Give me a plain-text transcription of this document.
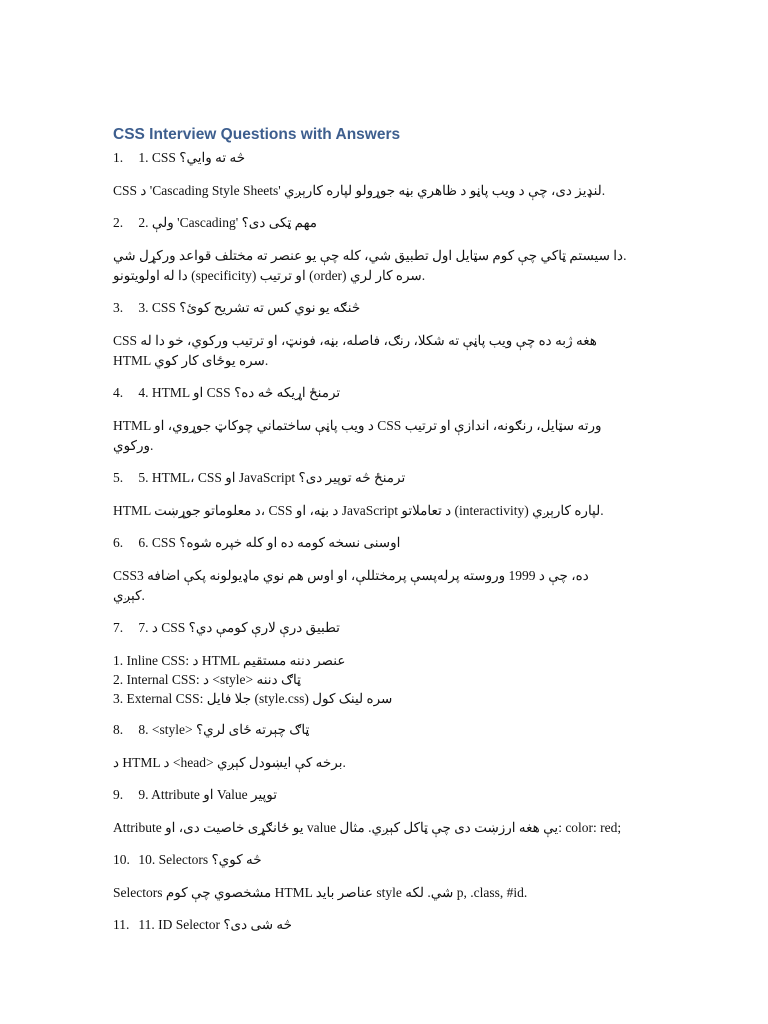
CSS Interview Questions with Answers
1. 1. CSS څه ته وايي؟
CSS د 'Cascading Style Sheets' لنډيز دی، چې د ويب پاڼو د ظاهري بڼه جوړولو لپاره کارېږي.
2. 2. ولې 'Cascading' مهم ټکی دی؟
دا سيستم ټاکي چې کوم سټايل اول تطبيق شي، کله چې يو عنصر ته مختلف قواعد ورکړل شي.
دا له اولويتونو (specificity) او ترتيب (order) سره کار لري.
3. 3. CSS څنګه يو نوي کس ته تشريح کوئ؟
CSS هغه ژبه ده چې ويب پاڼې ته شکلا، رنګ، فاصله، بڼه، فونټ، او ترتيب ورکوي، خو دا له
HTML سره يوځای کار کوي.
4. 4. HTML او CSS ترمنځ اړيکه څه ده؟
HTML د ويب پاڼې ساختماني چوکاټ جوړوي، او CSS ورته سټايل، رنګونه، اندازې او ترتيب
ورکوي.
5. 5. HTML، CSS او JavaScript ترمنځ څه توپير دی؟
HTML د معلوماتو جوړښت، CSS د بڼه، او JavaScript د تعاملاتو (interactivity) لپاره کارېږي.
6. 6. CSS اوسنی نسخه کومه ده او کله خپره شوه؟
CSS3 ده، چې د 1999 وروسته پرله‌پسې پرمختللې، او اوس هم نوي ماډيولونه پکې اضافه
کېږي.
7. 7. د CSS تطبيق درې لارې کومې دي؟
1. Inline CSS: د HTML عنصر دننه مستقيم
2. Internal CSS: د <style> ټاګ دننه
3. External CSS: جلا فايل (style.css) سره لينک کول
8. 8. <style> ټاګ چېرته ځای لري؟
د HTML د <head> برخه کې ايښودل کېږي.
9. 9. Attribute او Value توپير
Attribute يو ځانګړی خاصيت دی، او value يې هغه ارزښت دی چې ټاکل کېږي. مثال: color: red;
10. 10. Selectors څه کوي؟
Selectors مشخصوي چې کوم HTML عناصر بايد style شي. لکه p, .class, #id.
11. 11. ID Selector څه شی دی؟
